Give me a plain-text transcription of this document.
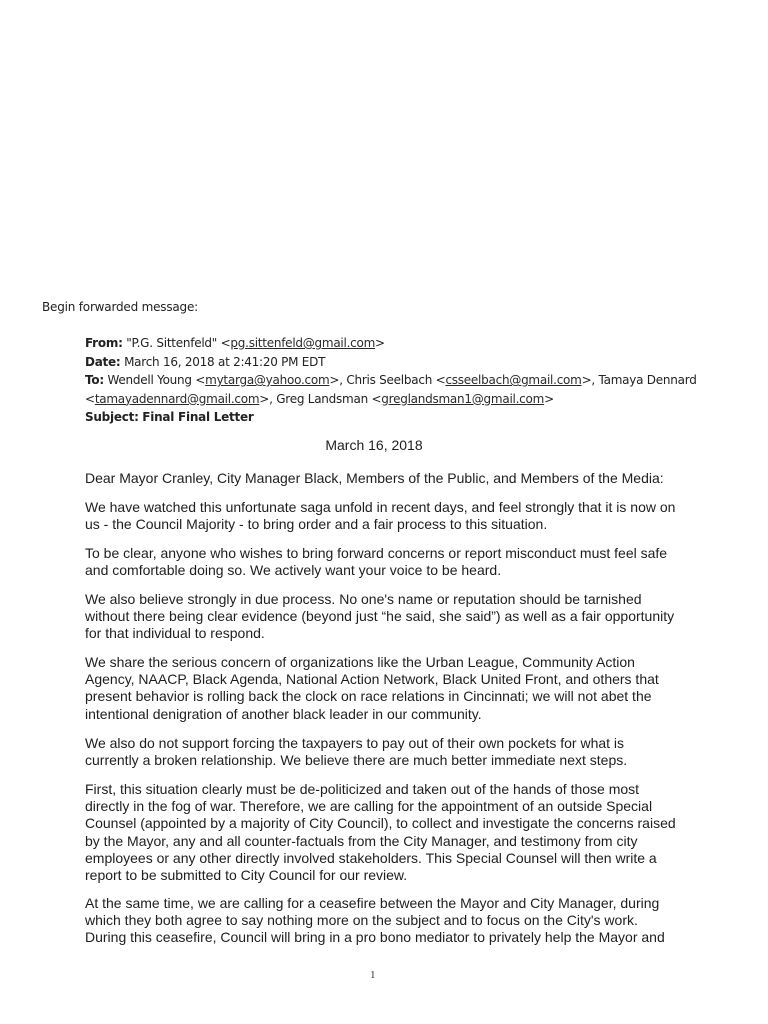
Begin forwarded message:
From: "P.G. Sittenfeld" <pg.sittenfeld@gmail.com>
Date: March 16, 2018 at 2:41:20 PM EDT
To: Wendell Young <mytarga@yahoo.com>, Chris Seelbach <csseelbach@gmail.com>, Tamaya Dennard
<tamayadennard@gmail.com>, Greg Landsman <greglandsman1@gmail.com>
Subject: Final Final Letter
March 16, 2018
Dear Mayor Cranley, City Manager Black, Members of the Public, and Members of the Media:
We have watched this unfortunate saga unfold in recent days, and feel strongly that it is now on
us - the Council Majority - to bring order and a fair process to this situation.
To be clear, anyone who wishes to bring forward concerns or report misconduct must feel safe
and comfortable doing so. We actively want your voice to be heard.
We also believe strongly in due process. No one's name or reputation should be tarnished
without there being clear evidence (beyond just “he said, she said”) as well as a fair opportunity
for that individual to respond.
We share the serious concern of organizations like the Urban League, Community Action
Agency, NAACP, Black Agenda, National Action Network, Black United Front, and others that
present behavior is rolling back the clock on race relations in Cincinnati; we will not abet the
intentional denigration of another black leader in our community.
We also do not support forcing the taxpayers to pay out of their own pockets for what is
currently a broken relationship. We believe there are much better immediate next steps.
First, this situation clearly must be de-politicized and taken out of the hands of those most
directly in the fog of war. Therefore, we are calling for the appointment of an outside Special
Counsel (appointed by a majority of City Council), to collect and investigate the concerns raised
by the Mayor, any and all counter-factuals from the City Manager, and testimony from city
employees or any other directly involved stakeholders. This Special Counsel will then write a
report to be submitted to City Council for our review.
At the same time, we are calling for a ceasefire between the Mayor and City Manager, during
which they both agree to say nothing more on the subject and to focus on the City's work.
During this ceasefire, Council will bring in a pro bono mediator to privately help the Mayor and
1
